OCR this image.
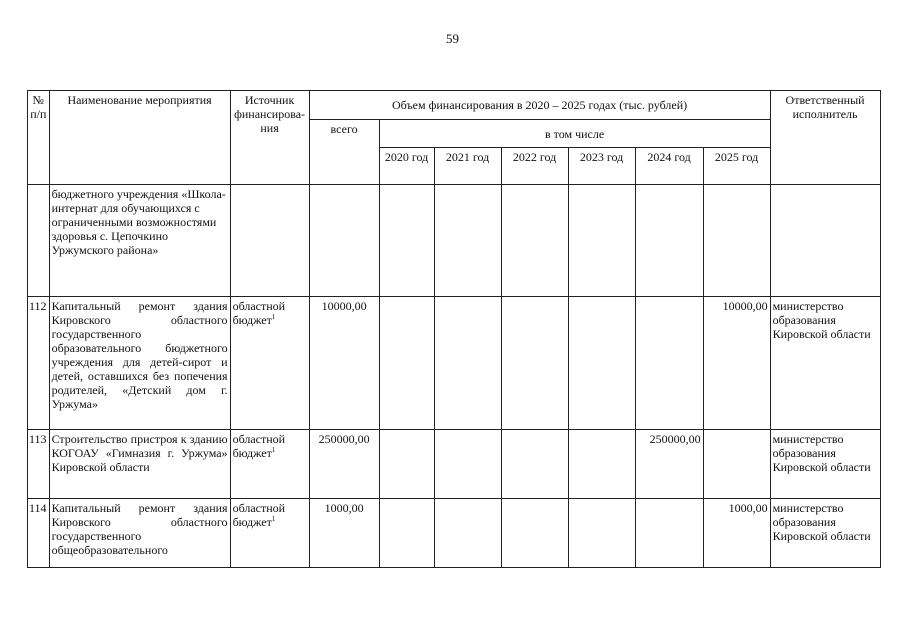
59
№ п/п	Наименование мероприятия	Источник финансирова-ния	Объем финансирования в 2020 – 2025 годах (тыс. рублей)							Ответственный исполнитель
			всего	в том числе						
				2020 год	2021 год	2022 год	2023 год	2024 год	2025 год	
	бюджетного учреждения «Школа-интернат для обучающихся с ограниченными возможностями здоровья с. Цепочкино Уржумского района»									
112	Капитальный ремонт здания Кировского областного государственного образовательного бюджетного учреждения для детей-сирот и детей, оставшихся без попечения родителей, «Детский дом г. Уржума»	областной бюджет$^1$	10000,00						10000,00	министерство образования Кировской области
113	Строительство пристроя к зданию КОГОАУ «Гимназия г. Уржума» Кировской области	областной бюджет$^1$	250000,00					250000,00		министерство образования Кировской области
114	Капитальный ремонт здания Кировского областного государственного общеобразовательного	областной бюджет$^1$	1000,00						1000,00	министерство образования Кировской области
